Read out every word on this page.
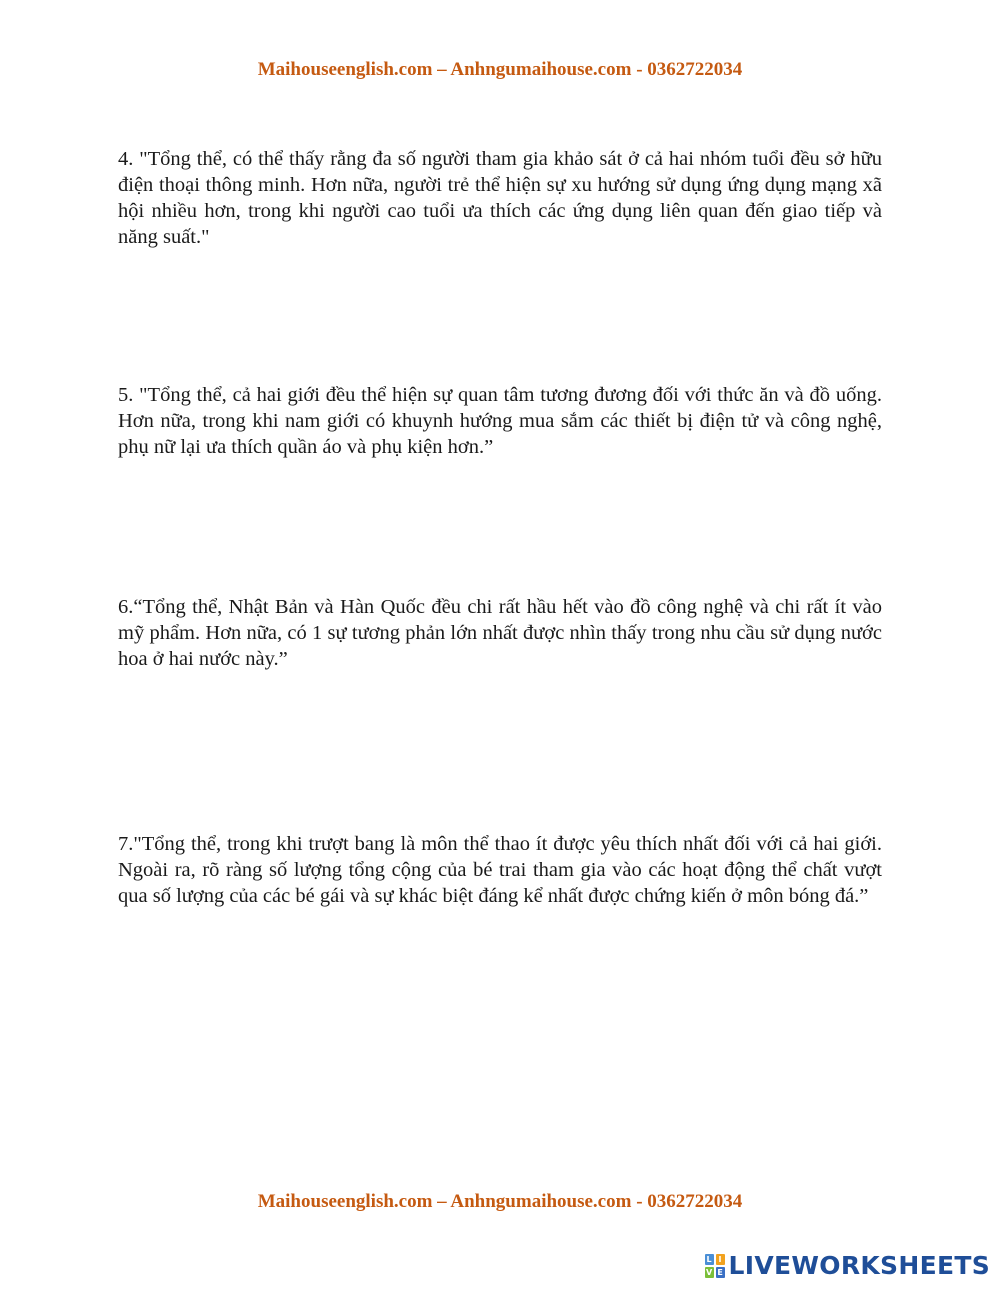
Maihouseenglish.com – Anhngumaihouse.com - 0362722034

4. "Tổng thể, có thể thấy rằng đa số người tham gia khảo sát ở cả hai nhóm tuổi đều sở hữu điện thoại thông minh. Hơn nữa, người trẻ thể hiện sự xu hướng sử dụng ứng dụng mạng xã hội nhiều hơn, trong khi người cao tuổi ưa thích các ứng dụng liên quan đến giao tiếp và năng suất."

5. "Tổng thể, cả hai giới đều thể hiện sự quan tâm tương đương đối với thức ăn và đồ uống. Hơn nữa, trong khi nam giới có khuynh hướng mua sắm các thiết bị điện tử và công nghệ, phụ nữ lại ưa thích quần áo và phụ kiện hơn.”

6.“Tổng thể, Nhật Bản và Hàn Quốc đều chi rất hầu hết vào đồ công nghệ và chi rất ít vào mỹ phẩm. Hơn nữa, có 1 sự tương phản lớn nhất được nhìn thấy trong nhu cầu sử dụng nước hoa ở hai nước này.”

7."Tổng thể, trong khi trượt bang là môn thể thao ít được yêu thích nhất đối với cả hai giới. Ngoài ra, rõ ràng số lượng tổng cộng của bé trai tham gia vào các hoạt động thể chất vượt qua số lượng của các bé gái và sự khác biệt đáng kể nhất được chứng kiến ở môn bóng đá.”

Maihouseenglish.com – Anhngumaihouse.com - 0362722034
L I
V E LIVEWORKSHEETS
